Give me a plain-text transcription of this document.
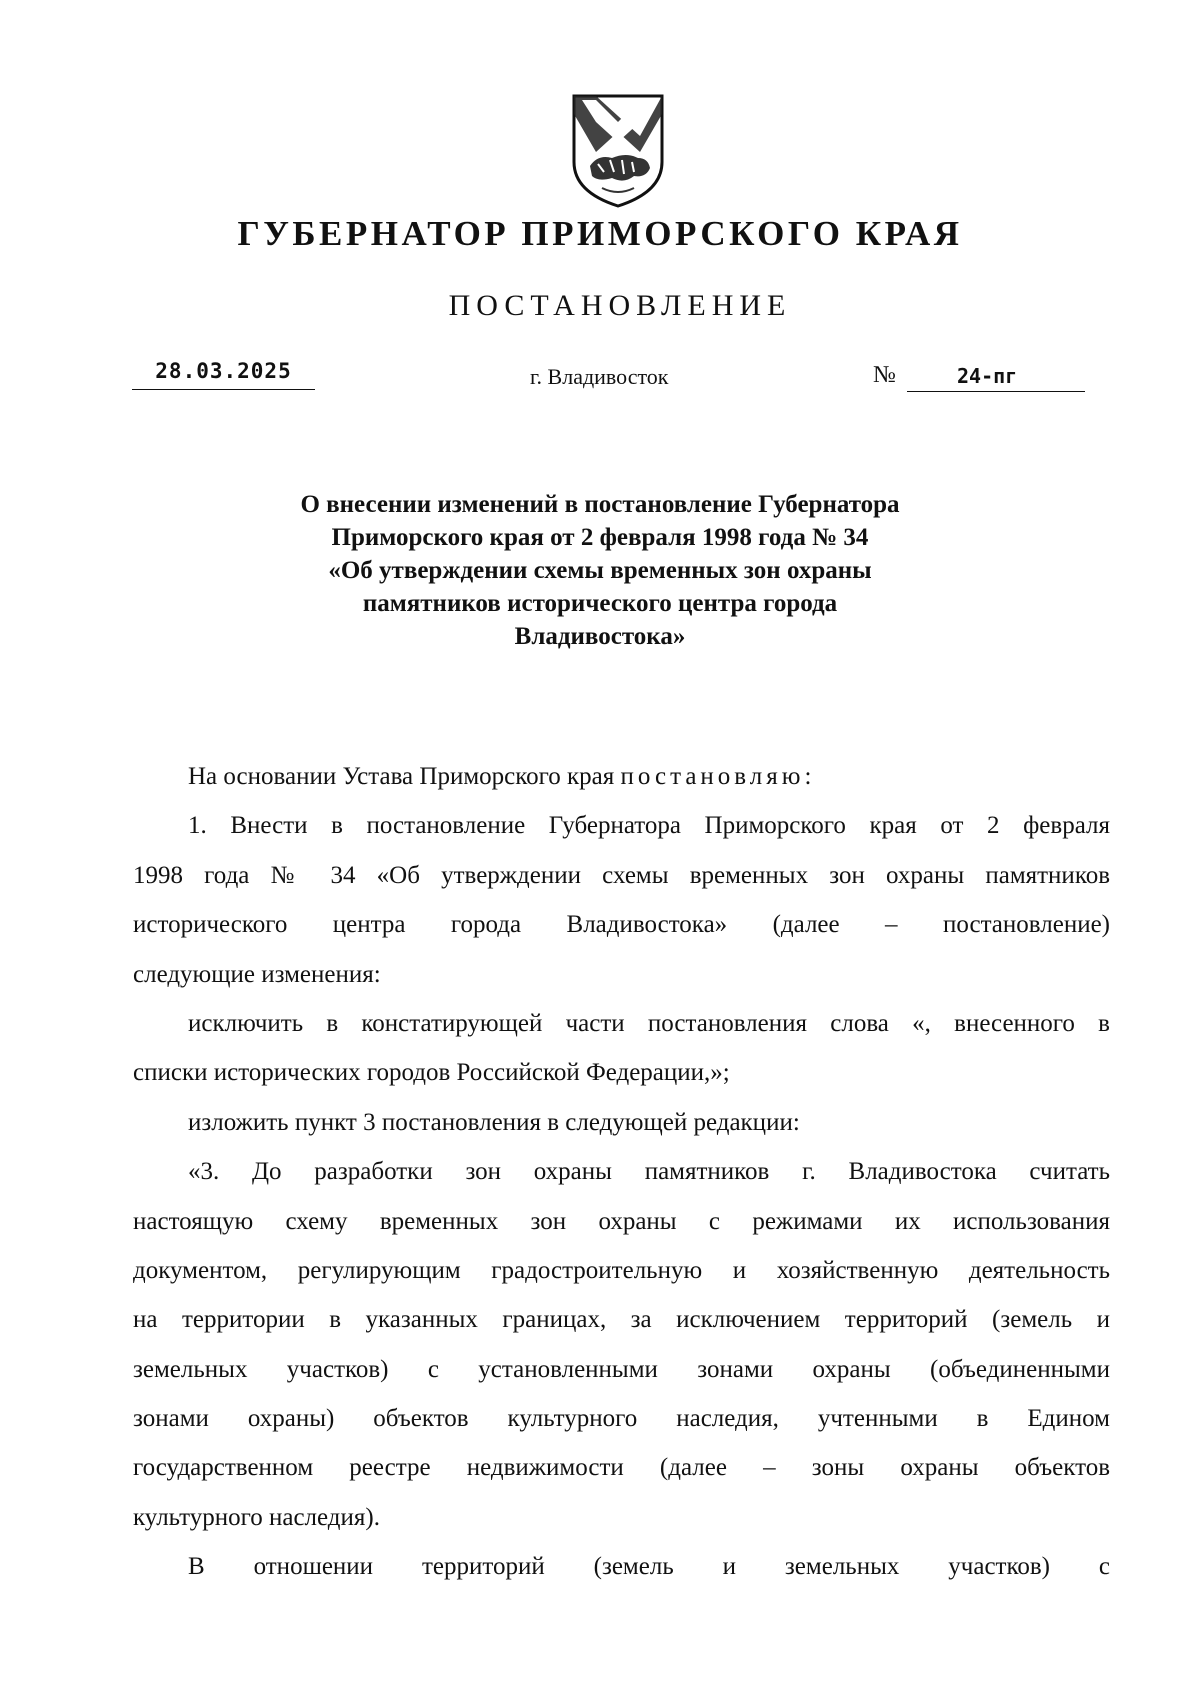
ГУБЕРНАТОР ПРИМОРСКОГО КРАЯ
ПОСТАНОВЛЕНИЕ
28.03.2025	г. Владивосток	№	24-пг
О внесении изменений в постановление Губернатора
Приморского края от 2 февраля 1998 года № 34
«Об утверждении схемы временных зон охраны
памятников исторического центра города
Владивостока»
На основании Устава Приморского края постановляю:
1. Внести в постановление Губернатора Приморского края от 2 февраля
1998 года № 34 «Об утверждении схемы временных зон охраны памятников
исторического центра города Владивостока» (далее – постановление)
следующие изменения:
исключить в констатирующей части постановления слова «, внесенного в
списки исторических городов Российской Федерации,»;
изложить пункт 3 постановления в следующей редакции:
«3. До разработки зон охраны памятников г. Владивостока считать
настоящую схему временных зон охраны с режимами их использования
документом, регулирующим градостроительную и хозяйственную деятельность
на территории в указанных границах, за исключением территорий (земель и
земельных участков) с установленными зонами охраны (объединенными
зонами охраны) объектов культурного наследия, учтенными в Едином
государственном реестре недвижимости (далее – зоны охраны объектов
культурного наследия).
В отношении территорий (земель и земельных участков) с
